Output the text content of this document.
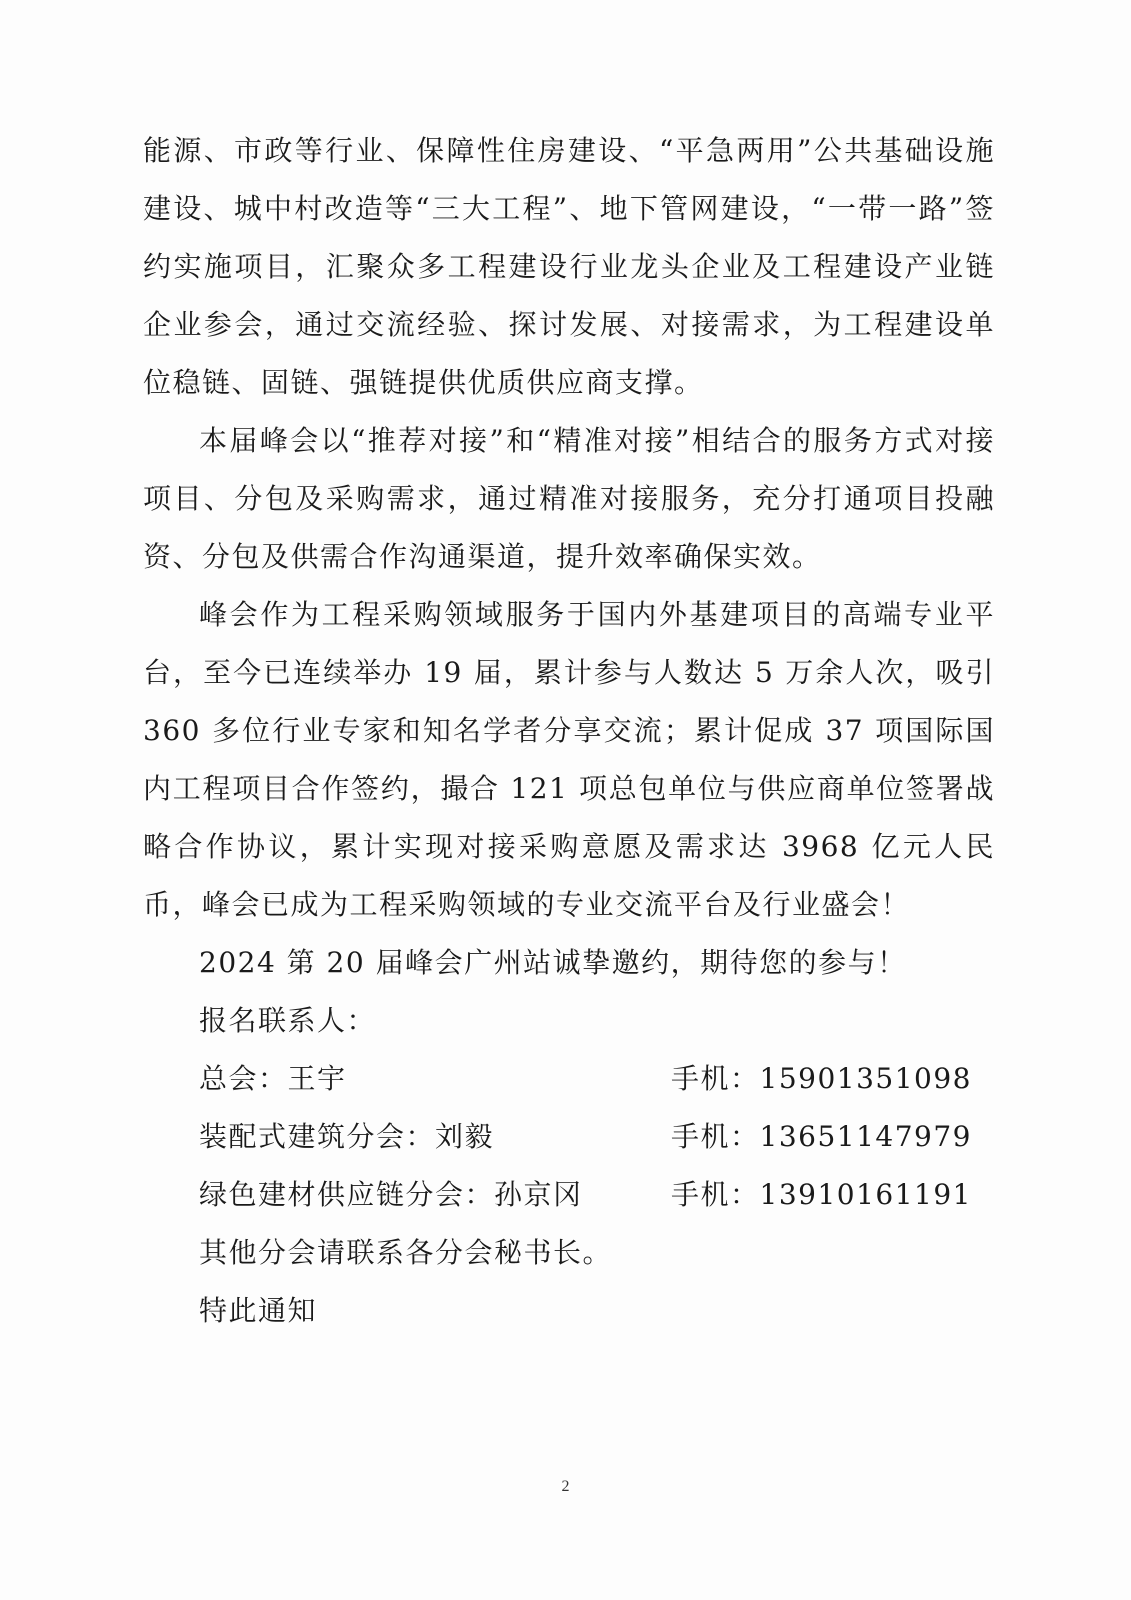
能源、市政等行业、保障性住房建设、“平急两用”公共基础设施建设、城中村改造等“三大工程”、地下管网建设，“一带一路”签约实施项目，汇聚众多工程建设行业龙头企业及工程建设产业链企业参会，通过交流经验、探讨发展、对接需求，为工程建设单位稳链、固链、强链提供优质供应商支撑。

本届峰会以“推荐对接”和“精准对接”相结合的服务方式对接项目、分包及采购需求，通过精准对接服务，充分打通项目投融资、分包及供需合作沟通渠道，提升效率确保实效。

峰会作为工程采购领域服务于国内外基建项目的高端专业平台，至今已连续举办 19 届，累计参与人数达 5 万余人次，吸引 360 多位行业专家和知名学者分享交流；累计促成 37 项国际国内工程项目合作签约，撮合 121 项总包单位与供应商单位签署战略合作协议，累计实现对接采购意愿及需求达 3968 亿元人民币，峰会已成为工程采购领域的专业交流平台及行业盛会！

2024 第 20 届峰会广州站诚挚邀约，期待您的参与！

报名联系人：

总会：王宇	手机：15901351098
装配式建筑分会：刘毅	手机：13651147979
绿色建材供应链分会：孙京冈	手机：13910161191

其他分会请联系各分会秘书长。

特此通知

2
